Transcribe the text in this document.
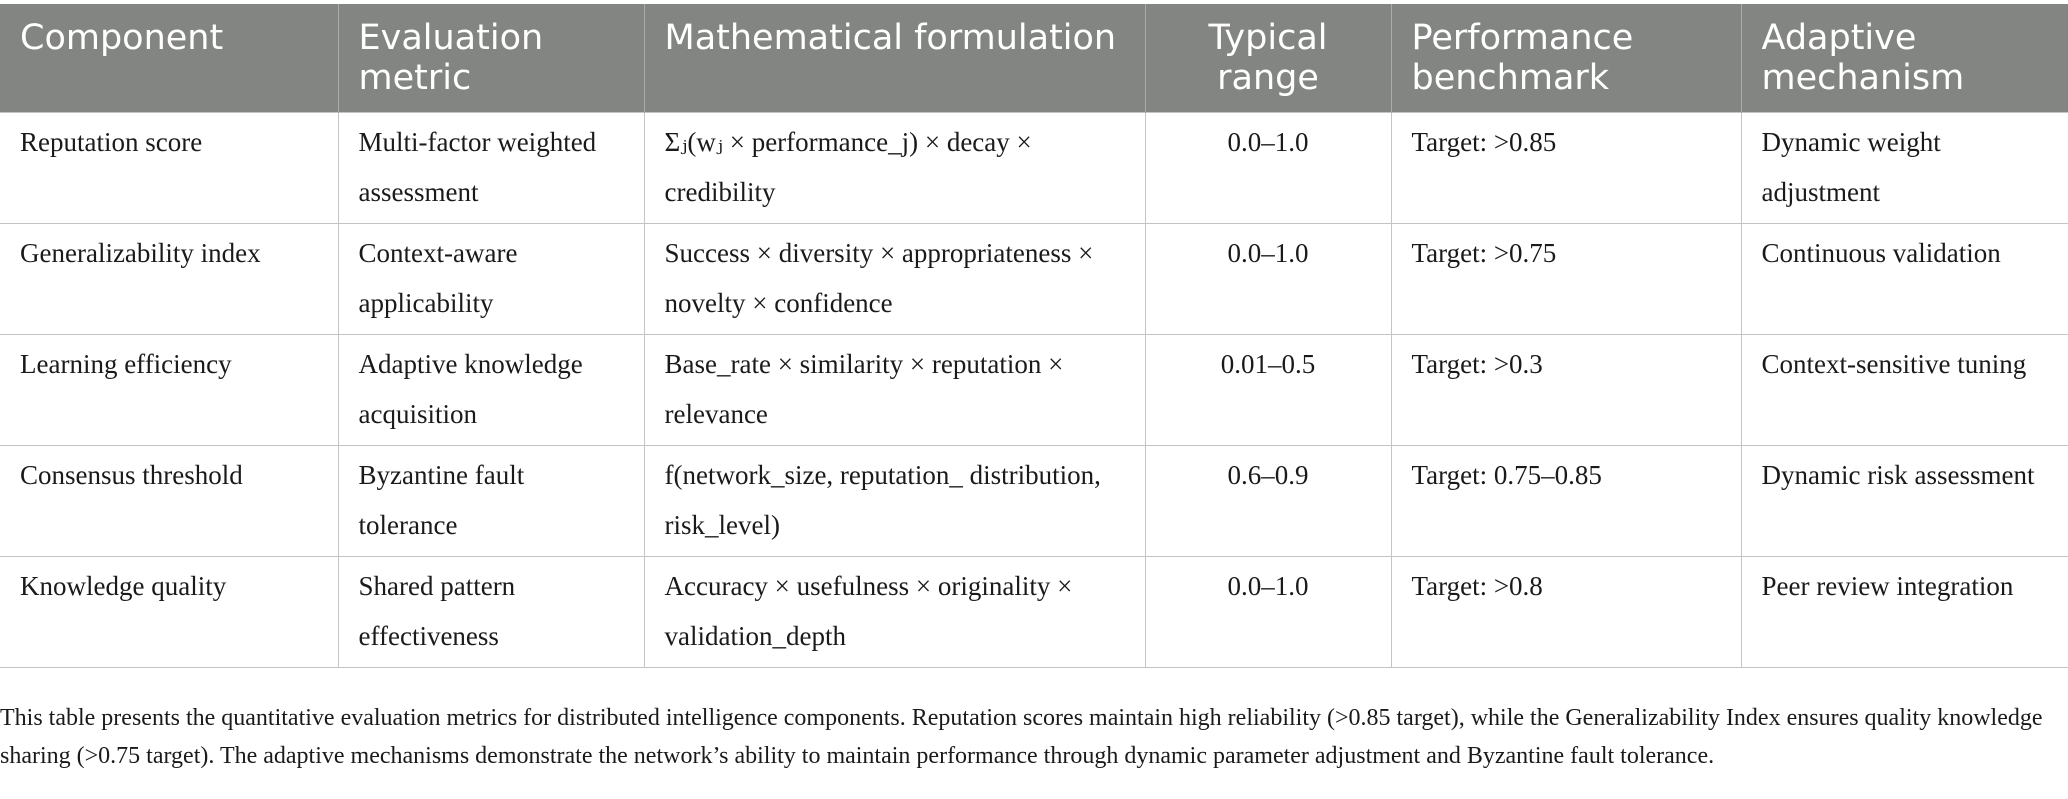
Component	Evaluation metric	Mathematical formulation	Typical range	Performance benchmark	Adaptive mechanism
Reputation score	Multi-factor weighted assessment	Σⱼ(wⱼ × performance_j) × decay × credibility	0.0–1.0	Target: >0.85	Dynamic weight adjustment
Generalizability index	Context-aware applicability	Success × diversity × appropriateness × novelty × confidence	0.0–1.0	Target: >0.75	Continuous validation
Learning efficiency	Adaptive knowledge acquisition	Base_rate × similarity × reputation × relevance	0.01–0.5	Target: >0.3	Context-sensitive tuning
Consensus threshold	Byzantine fault tolerance	f(network_size, reputation_ distribution, risk_level)	0.6–0.9	Target: 0.75–0.85	Dynamic risk assessment
Knowledge quality	Shared pattern effectiveness	Accuracy × usefulness × originality × validation_depth	0.0–1.0	Target: >0.8	Peer review integration

This table presents the quantitative evaluation metrics for distributed intelligence components. Reputation scores maintain high reliability (>0.85 target), while the Generalizability Index ensures quality knowledge sharing (>0.75 target). The adaptive mechanisms demonstrate the network’s ability to maintain performance through dynamic parameter adjustment and Byzantine fault tolerance.
